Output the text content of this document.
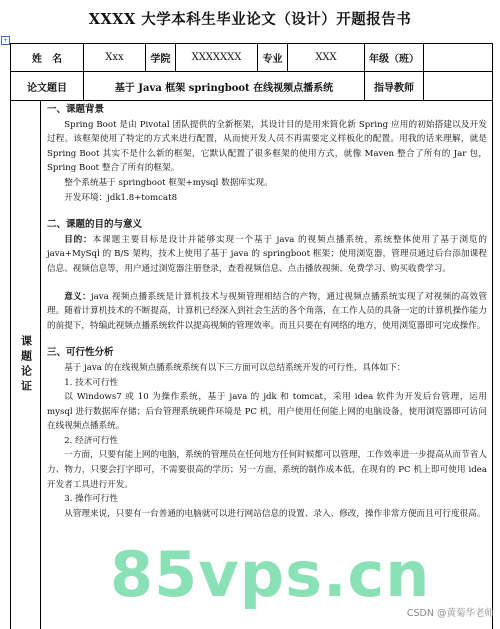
XXXX 大学本科生毕业论文（设计）开题报告书
+
姓　名	Xxx	学院	XXXXXXX	专业	XXX	年级（班）
论文题目	基于 Java 框架 springboot 在线视频点播系统	指导教师
课题论证

一、课题背景

Spring Boot 是由 Pivotal 团队提供的全新框架，其设计目的是用来简化新 Spring 应用的初始搭建以及开发过程。该框架使用了特定的方式来进行配置，从而使开发人员不再需要定义样板化的配置。用我的话来理解，就是 Spring Boot 其实不是什么新的框架，它默认配置了很多框架的使用方式，就像 Maven 整合了所有的 Jar 包，Spring Boot 整合了所有的框架。

整个系统基于 springboot 框架+mysql 数据库实现。

开发环境：jdk1.8+tomcat8

二、课题的目的与意义

目的：本课题主要目标是设计并能够实现一个基于 java 的视频点播系统，系统整体使用了基于浏览的 java+MySql 的 B/S 架构，技术上使用了基于 java 的 springboot 框架；使用浏览器，管理员通过后台添加课程信息、视频信息等，用户通过浏览器注册登录，查看视频信息、点击播放视频、免费学习、购买收费学习。

意义：java 视频点播系统是计算机技术与视频管理相结合的产物，通过视频点播系统实现了对视频的高效管理。随着计算机技术的不断提高，计算机已经深入到社会生活的各个角落，在工作人员的具备一定的计算机操作能力的前提下，特编此视频点播系统软件以提高视频的管理效率。而且只要在有网络的地方，使用浏览器即可完成操作。

三、可行性分析

基于 java 的在线视频点播系统系统有以下三方面可以总结系统开发的可行性，具体如下：

1. 技术可行性

以 Windows7 或 10 为操作系统，基于 java 的 jdk 和 tomcat，采用 idea 软件为开发后台管理，运用 mysql 进行数据库存储；后台管理系统硬件环境是 PC 机，用户使用任何能上网的电脑设备，使用浏览器即可访问在线视频点播系统。

2. 经济可行性

一方面，只要有能上网的电脑，系统的管理员在任何地方任何时候都可以管理，工作效率进一步提高从而节省人力、物力，只要会打字即可，不需要很高的学历；另一方面，系统的制作成本低，在现有的 PC 机上即可使用 idea 开发者工具进行开发。

3. 操作可行性

从管理来说，只要有一台普通的电脑就可以进行网站信息的设置、录入、修改，操作非常方便而且可行度很高。

85vps.cn
CSDN @黄菊华老师
